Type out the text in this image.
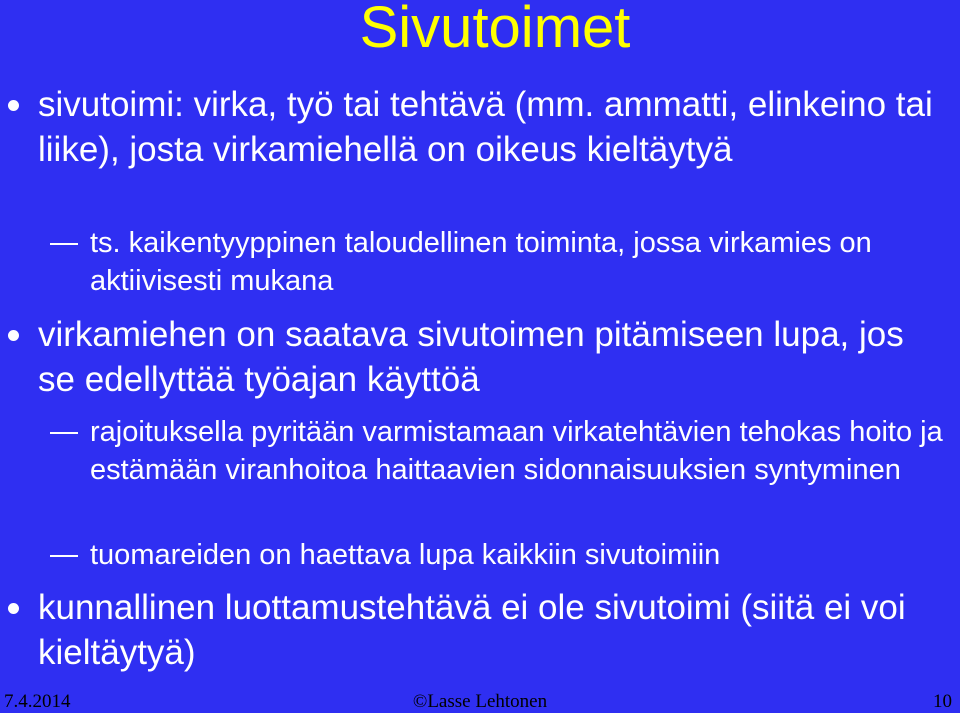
Sivutoimet
sivutoimi: virka, työ tai tehtävä (mm. ammatti, elinkeino tai liike), josta virkamiehellä on oikeus kieltäytyä
ts. kaikentyyppinen taloudellinen toiminta, jossa virkamies on aktiivisesti mukana
virkamiehen on saatava sivutoimen pitämiseen lupa, jos se edellyttää työajan käyttöä
rajoituksella pyritään varmistamaan virkatehtävien tehokas hoito ja estämään viranhoitoa haittaavien sidonnaisuuksien syntyminen
tuomareiden on haettava lupa kaikkiin sivutoimiin
kunnallinen luottamustehtävä ei ole sivutoimi (siitä ei voi kieltäytyä)
7.4.2014	©Lasse Lehtonen	10
